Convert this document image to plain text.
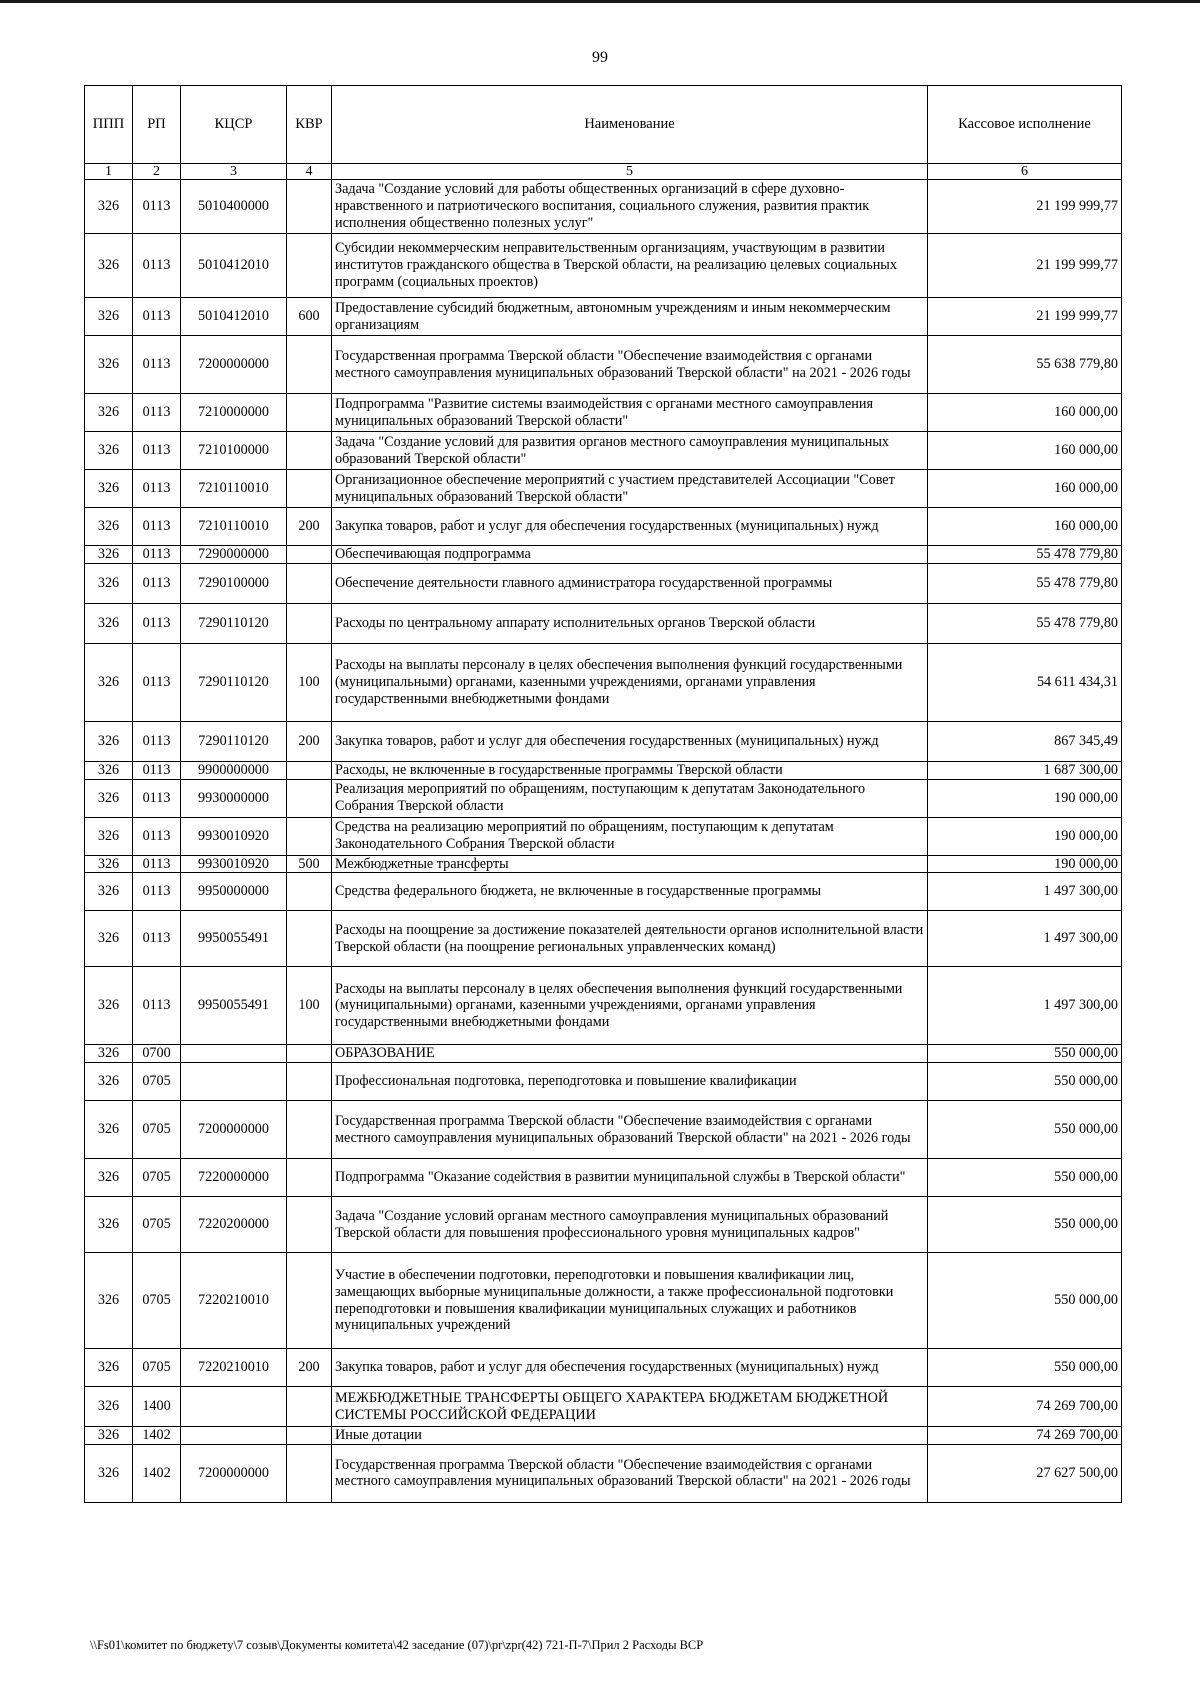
99
ППП	РП	КЦСР	КВР	Наименование	Кассовое исполнение
1	2	3	4	5	6
326	0113	5010400000		Задача "Создание условий для работы общественных организаций в сфере духовно-нравственного и патриотического воспитания, социального служения, развития практик исполнения общественно полезных услуг"	21 199 999,77
326	0113	5010412010		Субсидии некоммерческим неправительственным организациям, участвующим в развитии институтов гражданского общества в Тверской области, на реализацию целевых социальных программ (социальных проектов)	21 199 999,77
326	0113	5010412010	600	Предоставление субсидий бюджетным, автономным учреждениям и иным некоммерческим организациям	21 199 999,77
326	0113	7200000000		Государственная программа Тверской области "Обеспечение взаимодействия с органами местного самоуправления муниципальных образований Тверской области" на 2021 - 2026 годы	55 638 779,80
326	0113	7210000000		Подпрограмма "Развитие системы взаимодействия с органами местного самоуправления муниципальных образований Тверской области"	160 000,00
326	0113	7210100000		Задача "Создание условий для развития органов местного самоуправления муниципальных образований Тверской области"	160 000,00
326	0113	7210110010		Организационное обеспечение мероприятий с участием представителей Ассоциации "Совет муниципальных образований Тверской области"	160 000,00
326	0113	7210110010	200	Закупка товаров, работ и услуг для обеспечения государственных (муниципальных) нужд	160 000,00
326	0113	7290000000		Обеспечивающая подпрограмма	55 478 779,80
326	0113	7290100000		Обеспечение деятельности главного администратора государственной программы	55 478 779,80
326	0113	7290110120		Расходы по центральному аппарату исполнительных органов Тверской области	55 478 779,80
326	0113	7290110120	100	Расходы на выплаты персоналу в целях обеспечения выполнения функций государственными (муниципальными) органами, казенными учреждениями, органами управления государственными внебюджетными фондами	54 611 434,31
326	0113	7290110120	200	Закупка товаров, работ и услуг для обеспечения государственных (муниципальных) нужд	867 345,49
326	0113	9900000000		Расходы, не включенные в государственные программы Тверской области	1 687 300,00
326	0113	9930000000		Реализация мероприятий по обращениям, поступающим к депутатам Законодательного Собрания Тверской области	190 000,00
326	0113	9930010920		Средства на реализацию мероприятий по обращениям, поступающим к депутатам Законодательного Собрания Тверской области	190 000,00
326	0113	9930010920	500	Межбюджетные трансферты	190 000,00
326	0113	9950000000		Средства федерального бюджета, не включенные в государственные программы	1 497 300,00
326	0113	9950055491		Расходы на поощрение за достижение показателей деятельности органов исполнительной власти Тверской области (на поощрение региональных управленческих команд)	1 497 300,00
326	0113	9950055491	100	Расходы на выплаты персоналу в целях обеспечения выполнения функций государственными (муниципальными) органами, казенными учреждениями, органами управления государственными внебюджетными фондами	1 497 300,00
326	0700			ОБРАЗОВАНИЕ	550 000,00
326	0705			Профессиональная подготовка, переподготовка и повышение квалификации	550 000,00
326	0705	7200000000		Государственная программа Тверской области "Обеспечение взаимодействия с органами местного самоуправления муниципальных образований Тверской области" на 2021 - 2026 годы	550 000,00
326	0705	7220000000		Подпрограмма "Оказание содействия в развитии муниципальной службы в Тверской области"	550 000,00
326	0705	7220200000		Задача "Создание условий органам местного самоуправления муниципальных образований Тверской области для повышения профессионального уровня муниципальных кадров"	550 000,00
326	0705	7220210010		Участие в обеспечении подготовки, переподготовки и повышения квалификации лиц, замещающих выборные муниципальные должности, а также профессиональной подготовки переподготовки и повышения квалификации муниципальных служащих и работников муниципальных учреждений	550 000,00
326	0705	7220210010	200	Закупка товаров, работ и услуг для обеспечения государственных (муниципальных) нужд	550 000,00
326	1400			МЕЖБЮДЖЕТНЫЕ ТРАНСФЕРТЫ ОБЩЕГО ХАРАКТЕРА БЮДЖЕТАМ БЮДЖЕТНОЙ СИСТЕМЫ РОССИЙСКОЙ ФЕДЕРАЦИИ	74 269 700,00
326	1402			Иные дотации	74 269 700,00
326	1402	7200000000		Государственная программа Тверской области "Обеспечение взаимодействия с органами местного самоуправления муниципальных образований Тверской области" на 2021 - 2026 годы	27 627 500,00
\\Fs01\комитет по бюджету\7 созыв\Документы комитета\42 заседание (07)\pr\zpr(42) 721-П-7\Прил 2 Расходы ВСР
